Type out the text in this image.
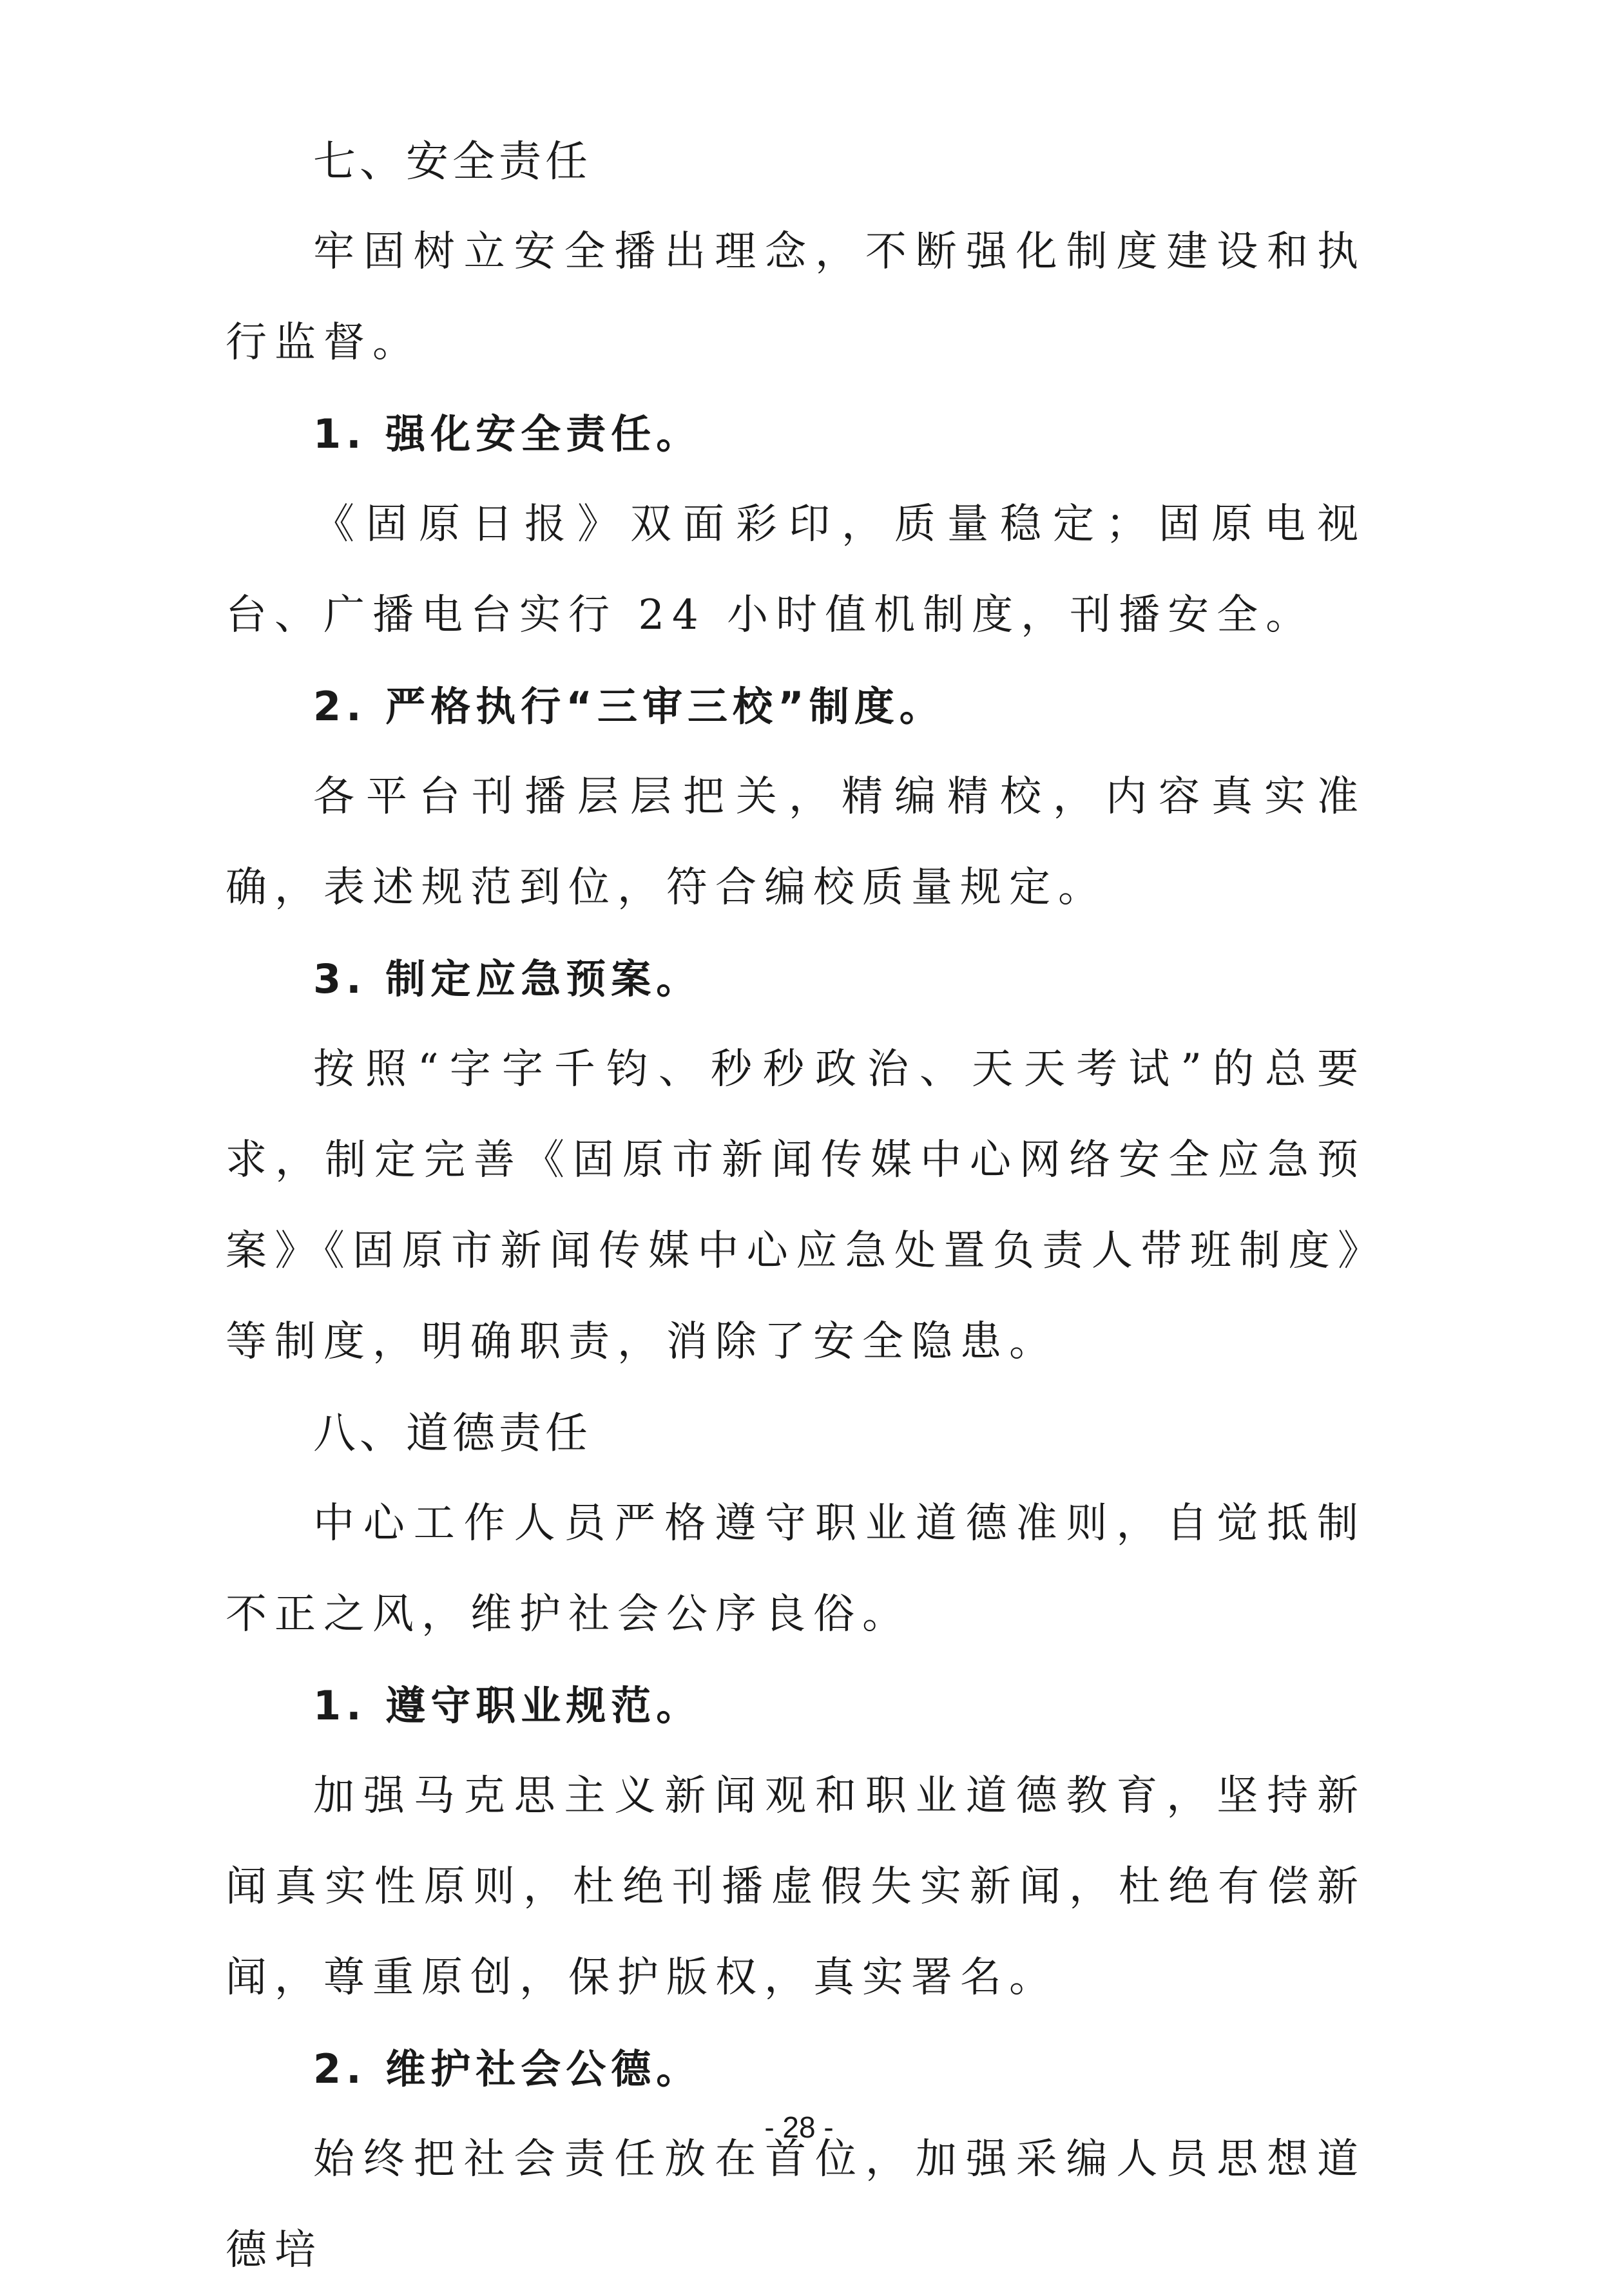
七、安全责任

牢固树立安全播出理念，不断强化制度建设和执行监督。

1. 强化安全责任。

《固原日报》双面彩印，质量稳定；固原电视台、广播电台实行 24 小时值机制度，刊播安全。

2. 严格执行“三审三校”制度。

各平台刊播层层把关，精编精校，内容真实准确，表述规范到位，符合编校质量规定。

3. 制定应急预案。

按照“字字千钧、秒秒政治、天天考试”的总要求，制定完善《固原市新闻传媒中心网络安全应急预案》《固原市新闻传媒中心应急处置负责人带班制度》等制度，明确职责，消除了安全隐患。

八、道德责任

中心工作人员严格遵守职业道德准则，自觉抵制不正之风，维护社会公序良俗。

1. 遵守职业规范。

加强马克思主义新闻观和职业道德教育，坚持新闻真实性原则，杜绝刊播虚假失实新闻，杜绝有偿新闻，尊重原创，保护版权，真实署名。

2. 维护社会公德。

始终把社会责任放在首位，加强采编人员思想道德培

- 28 -
